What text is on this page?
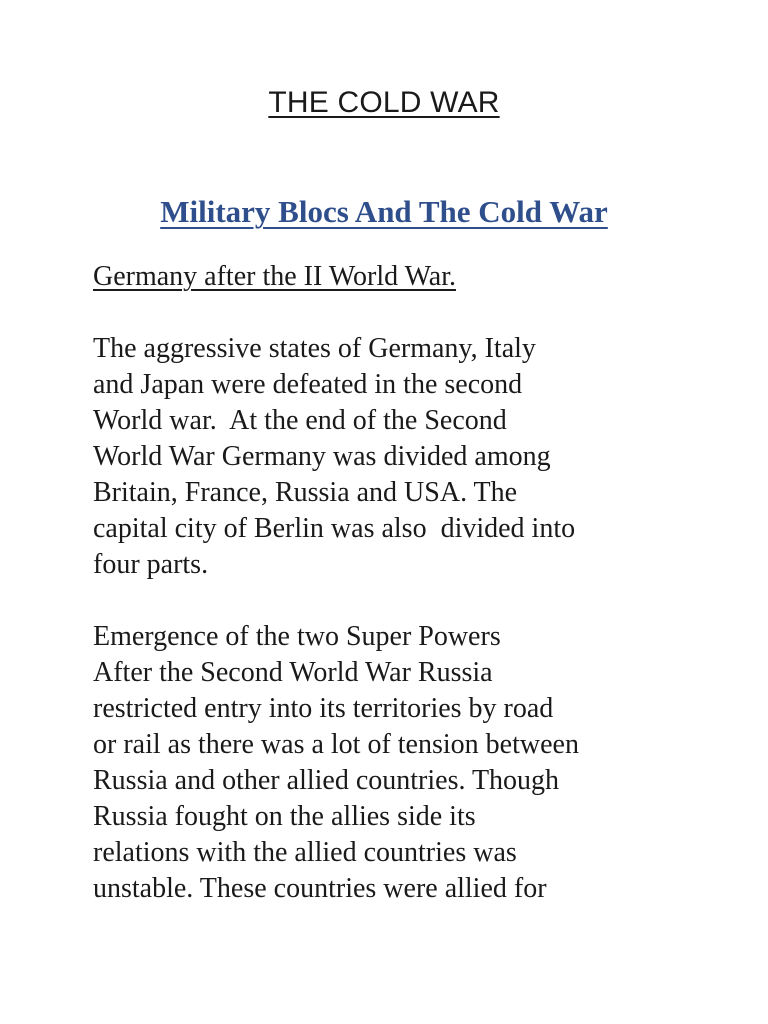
THE COLD WAR
Military Blocs And The Cold War

Germany after the II World War.

The aggressive states of Germany, Italy
and Japan were defeated in the second
World war.  At the end of the Second
World War Germany was divided among
Britain, France, Russia and USA. The
capital city of Berlin was also  divided into
four parts.

Emergence of the two Super Powers
After the Second World War Russia
restricted entry into its territories by road
or rail as there was a lot of tension between
Russia and other allied countries. Though
Russia fought on the allies side its
relations with the allied countries was
unstable. These countries were allied for
